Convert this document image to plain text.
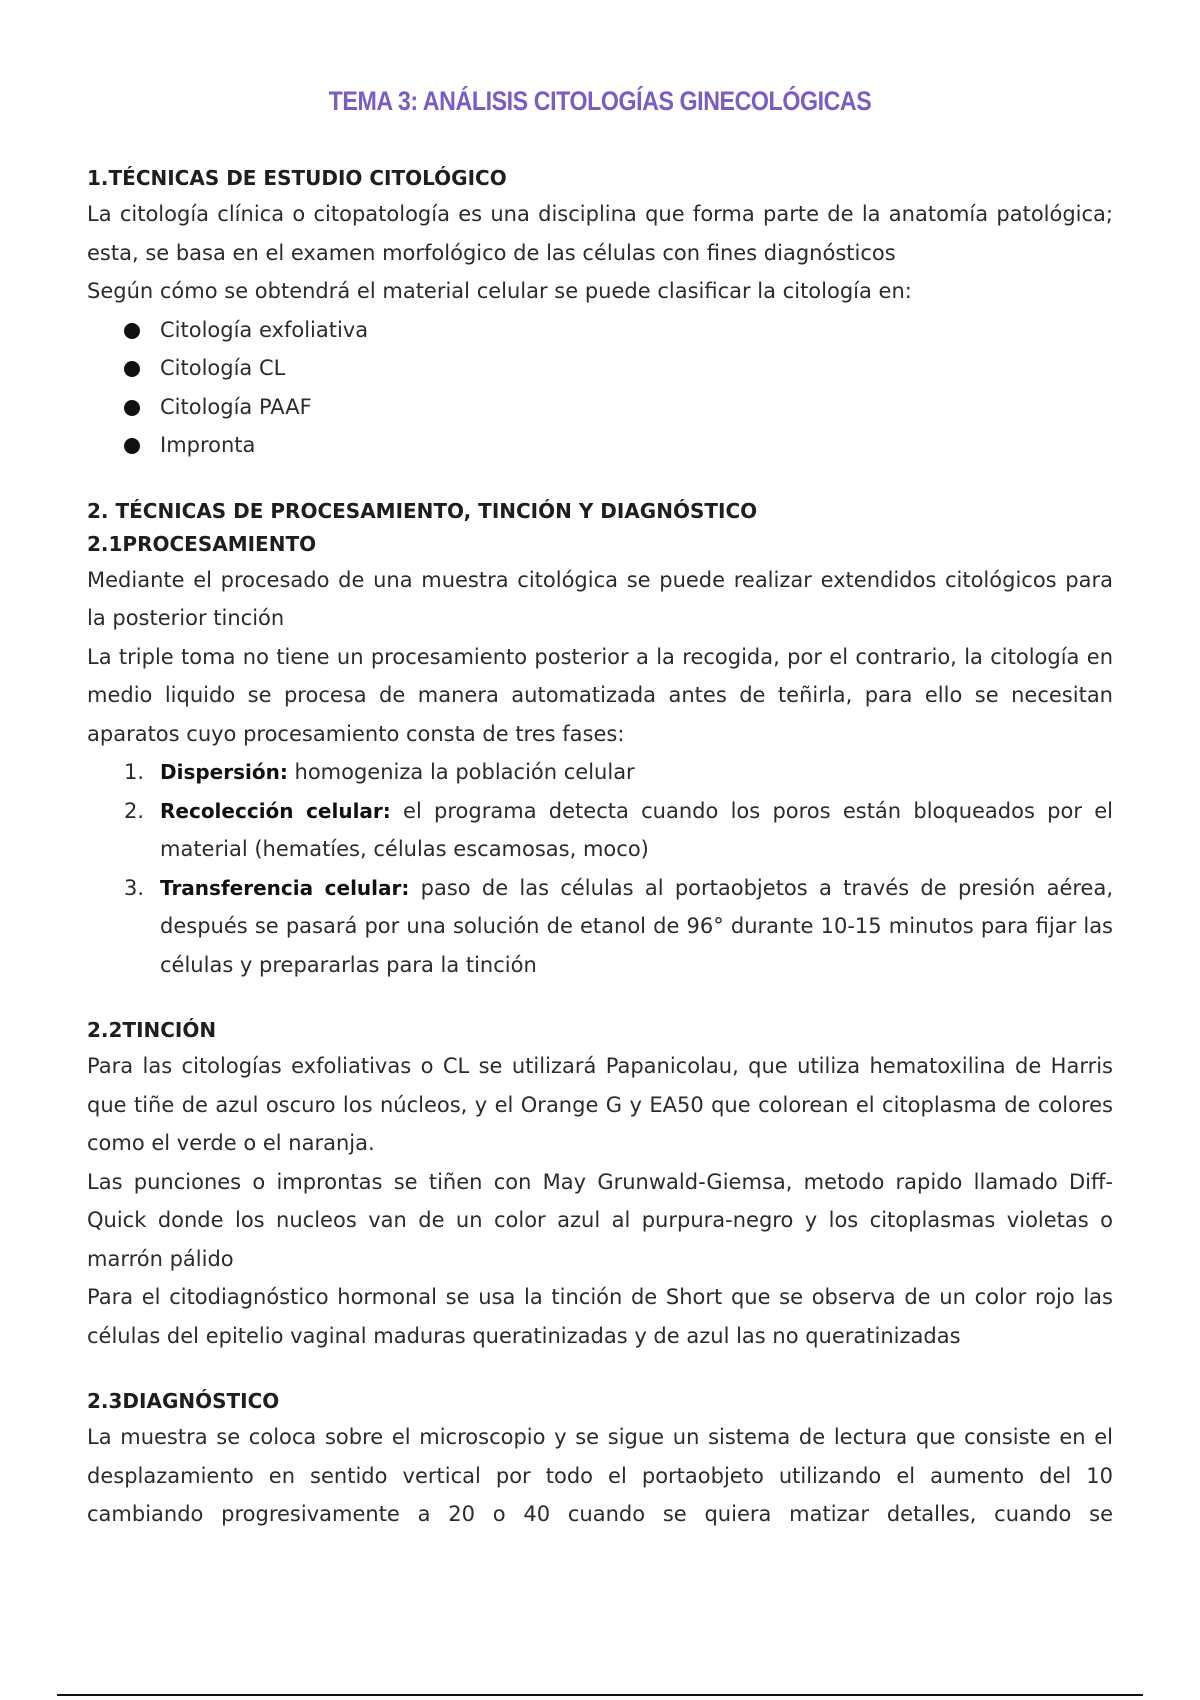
TEMA 3: ANÁLISIS CITOLOGÍAS GINECOLÓGICAS
1.TÉCNICAS DE ESTUDIO CITOLÓGICO

La citología clínica o citopatología es una disciplina que forma parte de la anatomía patológica; esta, se basa en el examen morfológico de las células con fines diagnósticos

Según cómo se obtendrá el material celular se puede clasificar la citología en:

Citología exfoliativa
Citología CL
Citología PAAF
Impronta
2. TÉCNICAS DE PROCESAMIENTO, TINCIÓN Y DIAGNÓSTICO
2.1PROCESAMIENTO

Mediante el procesado de una muestra citológica se puede realizar extendidos citológicos para la posterior tinción

La triple toma no tiene un procesamiento posterior a la recogida, por el contrario, la citología en medio liquido se procesa de manera automatizada antes de teñirla, para ello se necesitan aparatos cuyo procesamiento consta de tres fases:

1. Dispersión: homogeniza la población celular
2. Recolección celular: el programa detecta cuando los poros están bloqueados por el material (hematíes, células escamosas, moco)
3. Transferencia celular: paso de las células al portaobjetos a través de presión aérea, después se pasará por una solución de etanol de 96° durante 10-15 minutos para fijar las células y prepararlas para la tinción
2.2TINCIÓN

Para las citologías exfoliativas o CL se utilizará Papanicolau, que utiliza hematoxilina de Harris que tiñe de azul oscuro los núcleos, y el Orange G y EA50 que colorean el citoplasma de colores como el verde o el naranja.

Las punciones o improntas se tiñen con May Grunwald-Giemsa, metodo rapido llamado Diff-Quick donde los nucleos van de un color azul al purpura-negro y los citoplasmas violetas o marrón pálido

Para el citodiagnóstico hormonal se usa la tinción de Short que se observa de un color rojo las células del epitelio vaginal maduras queratinizadas y de azul las no queratinizadas

2.3DIAGNÓSTICO

La muestra se coloca sobre el microscopio y se sigue un sistema de lectura que consiste en el desplazamiento en sentido vertical por todo el portaobjeto utilizando el aumento del 10 cambiando progresivamente a 20 o 40 cuando se quiera matizar detalles, cuando se
